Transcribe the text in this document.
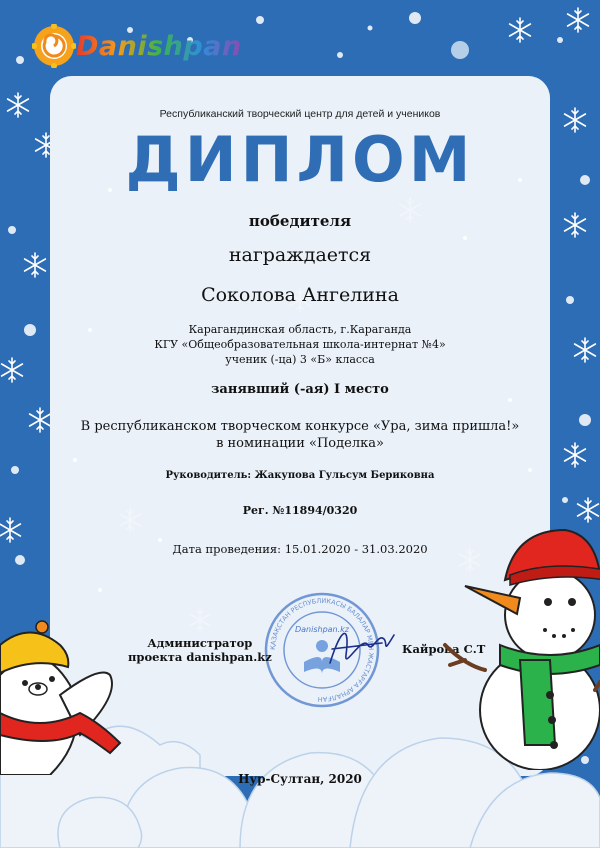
Danishpan
Республиканский творческий центр для детей и учеников
ДИПЛОМ
победителя
награждается
Соколова Ангелина
Карагандинская область, г.Караганда
КГУ «Общеобразовательная школа-интернат №4»
ученик (-ца) 3 «Б» класса
занявший (-ая) I место
В республиканском творческом конкурсе «Ура, зима пришла!»
в номинации «Поделка»
Руководитель: Жакупова Гульсум Бериковна
Рег. №11894/0320
Дата проведения: 15.01.2020 - 31.03.2020
ҚАЗАҚСТАН РЕСПУБЛИКАСЫ БАЛАЛАР МЕН ЖАСТАРҒА АРНАЛҒАН
Danishpan.kz
Администратор
проекта danishpan.kz
Кайрова С.Т
Нур-Султан, 2020
